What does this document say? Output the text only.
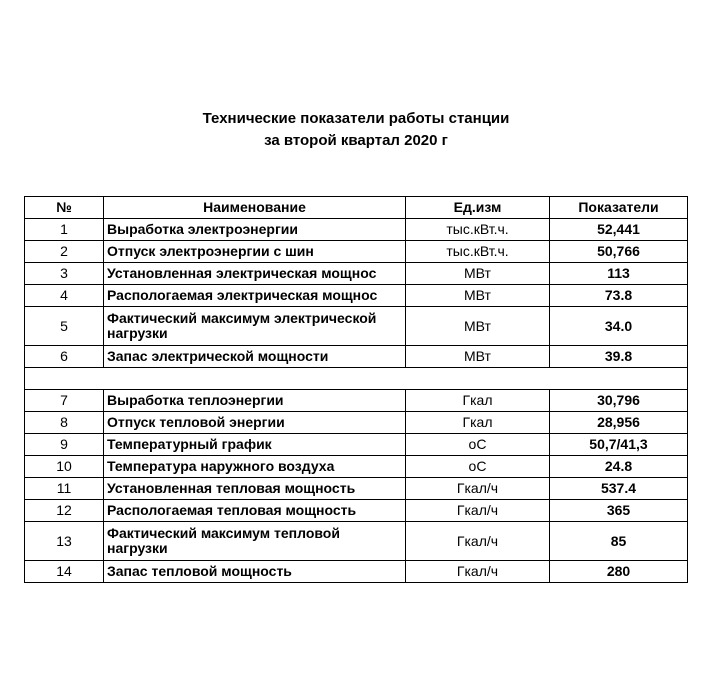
Технические показатели работы станции
за второй квартал 2020 г
№	Наименование	Ед.изм	Показатели
1	Выработка электроэнергии	тыс.кВт.ч.	52,441
2	Отпуск электроэнергии с шин	тыс.кВт.ч.	50,766
3	Установленная электрическая мощнос	МВт	113
4	Распологаемая электрическая мощнос	МВт	73.8
5	Фактический максимум электрической нагрузки	МВт	34.0
6	Запас электрической мощности	МВт	39.8

7	Выработка теплоэнергии	Гкал	30,796
8	Отпуск тепловой энергии	Гкал	28,956
9	Температурный график	оС	50,7/41,3
10	Температура наружного воздуха	оС	24.8
11	Установленная тепловая мощность	Гкал/ч	537.4
12	Распологаемая тепловая мощность	Гкал/ч	365
13	Фактический максимум тепловой нагрузки	Гкал/ч	85
14	Запас тепловой мощность	Гкал/ч	280
